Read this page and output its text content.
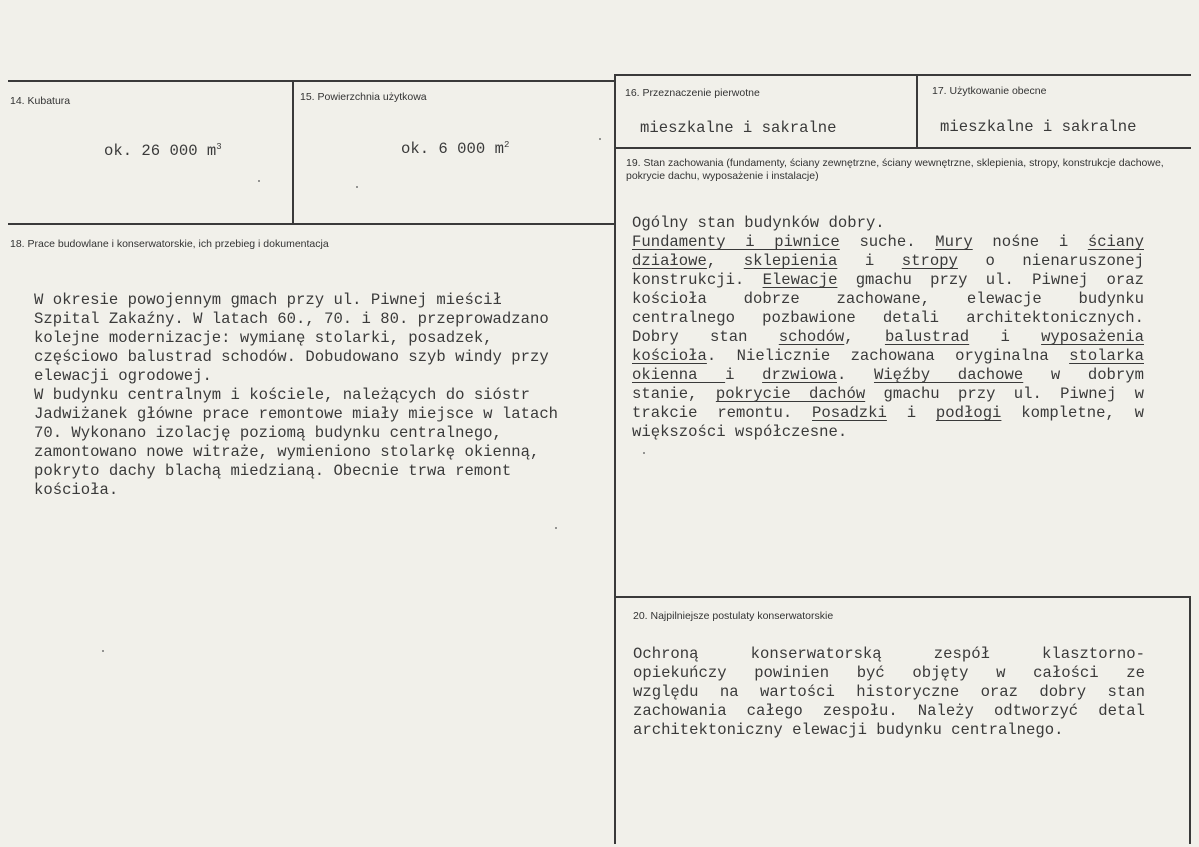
14. Kubatura
ok. 26 000 $m^3$
15. Powierzchnia użytkowa
ok. 6 000 $m^2$
16. Przeznaczenie pierwotne
mieszkalne i sakralne
17. Użytkowanie obecne
mieszkalne i sakralne
18. Prace budowlane i konserwatorskie, ich przebieg i dokumentacja
W okresie powojennym gmach przy ul. Piwnej mieścił
Szpital Zakaźny. W latach 60., 70. i 80. przeprowadzano
kolejne modernizacje: wymianę stolarki, posadzek,
częściowo balustrad schodów. Dobudowano szyb windy przy
elewacji ogrodowej.
W budynku centralnym i kościele, należących do sióstr
Jadwiżanek główne prace remontowe miały miejsce w latach
70. Wykonano izolację poziomą budynku centralnego,
zamontowano nowe witraże, wymieniono stolarkę okienną,
pokryto dachy blachą miedzianą. Obecnie trwa remont
kościoła.
19. Stan zachowania (fundamenty, ściany zewnętrzne, ściany wewnętrzne, sklepienia, stropy, konstrukcje dachowe, pokrycie dachu, wyposażenie i instalacje)
Ogólny stan budynków dobry.
Fundamenty i piwnice suche. Mury nośne i ściany
działowe, sklepienia i stropy o nienaruszonej
konstrukcji. Elewacje gmachu przy ul. Piwnej oraz
kościoła dobrze zachowane, elewacje budynku
centralnego pozbawione detali architektonicznych.
Dobry stan schodów, balustrad i wyposażenia
kościoła. Nielicznie zachowana oryginalna stolarka
okienna i drzwiowa. Więźby dachowe w dobrym
stanie, pokrycie dachów gmachu przy ul. Piwnej w
trakcie remontu. Posadzki i podłogi kompletne, w
większości współczesne.
20. Najpilniejsze postulaty konserwatorskie
Ochroną konserwatorską zespół klasztorno-
opiekuńczy powinien być objęty w całości ze
względu na wartości historyczne oraz dobry stan
zachowania całego zespołu. Należy odtworzyć detal
architektoniczny elewacji budynku centralnego.
